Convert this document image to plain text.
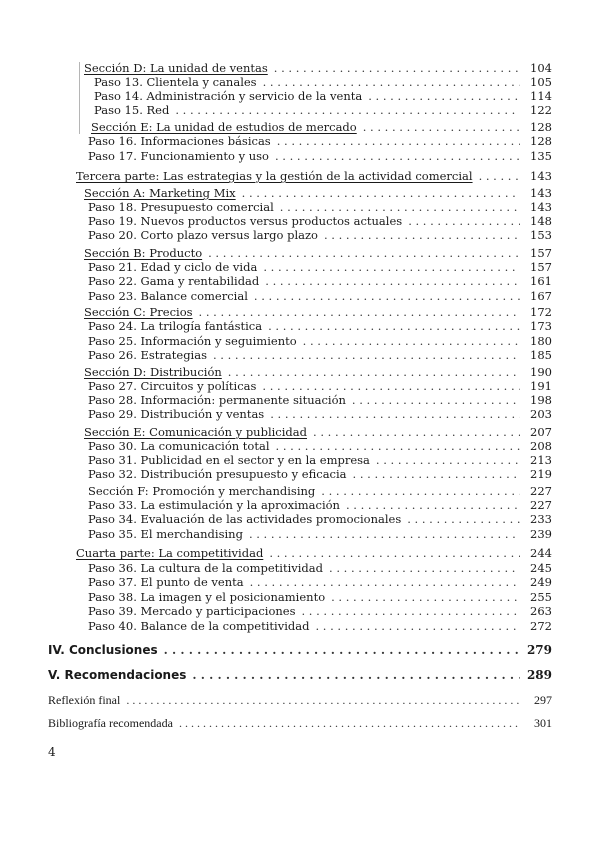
Sección D: La unidad de ventas . . .	104
Paso 13. Clientela y canales . . .	105
Paso 14. Administración y servicio de la venta . . .	114
Paso 15. Red . . .	122
Sección E: La unidad de estudios de mercado . . .	128
Paso 16. Informaciones básicas . . .	128
Paso 17. Funcionamiento y uso . . .	135
Tercera parte: Las estrategias y la gestión de la actividad comercial . . .	143
Sección A: Marketing Mix . . .	143
Paso 18. Presupuesto comercial . . .	143
Paso 19. Nuevos productos versus productos actuales . . .	148
Paso 20. Corto plazo versus largo plazo . . .	153
Sección B: Producto . . .	157
Paso 21. Edad y ciclo de vida . . .	157
Paso 22. Gama y rentabilidad . . .	161
Paso 23. Balance comercial . . .	167
Sección C: Precios . . .	172
Paso 24. La trilogía fantástica . . .	173
Paso 25. Información y seguimiento . . .	180
Paso 26. Estrategias . . .	185
Sección D: Distribución . . .	190
Paso 27. Circuitos y políticas . . .	191
Paso 28. Información: permanente situación . . .	198
Paso 29. Distribución y ventas . . .	203
Sección E: Comunicación y publicidad . . .	207
Paso 30. La comunicación total . . .	208
Paso 31. Publicidad en el sector y en la empresa . . .	213
Paso 32. Distribución presupuesto y eficacia . . .	219
Sección F: Promoción y merchandising . . .	227
Paso 33. La estimulación y la aproximación . . .	227
Paso 34. Evaluación de las actividades promocionales . . .	233
Paso 35. El merchandising . . .	239
Cuarta parte: La competitividad . . .	244
Paso 36. La cultura de la competitividad . . .	245
Paso 37. El punto de venta . . .	249
Paso 38. La imagen y el posicionamiento . . .	255
Paso 39. Mercado y participaciones . . .	263
Paso 40. Balance de la competitividad . . .	272
IV. Conclusiones . . .	279
V. Recomendaciones . . .	289
Reflexión final . . .	297
Bibliografía recomendada . . .	301
4
